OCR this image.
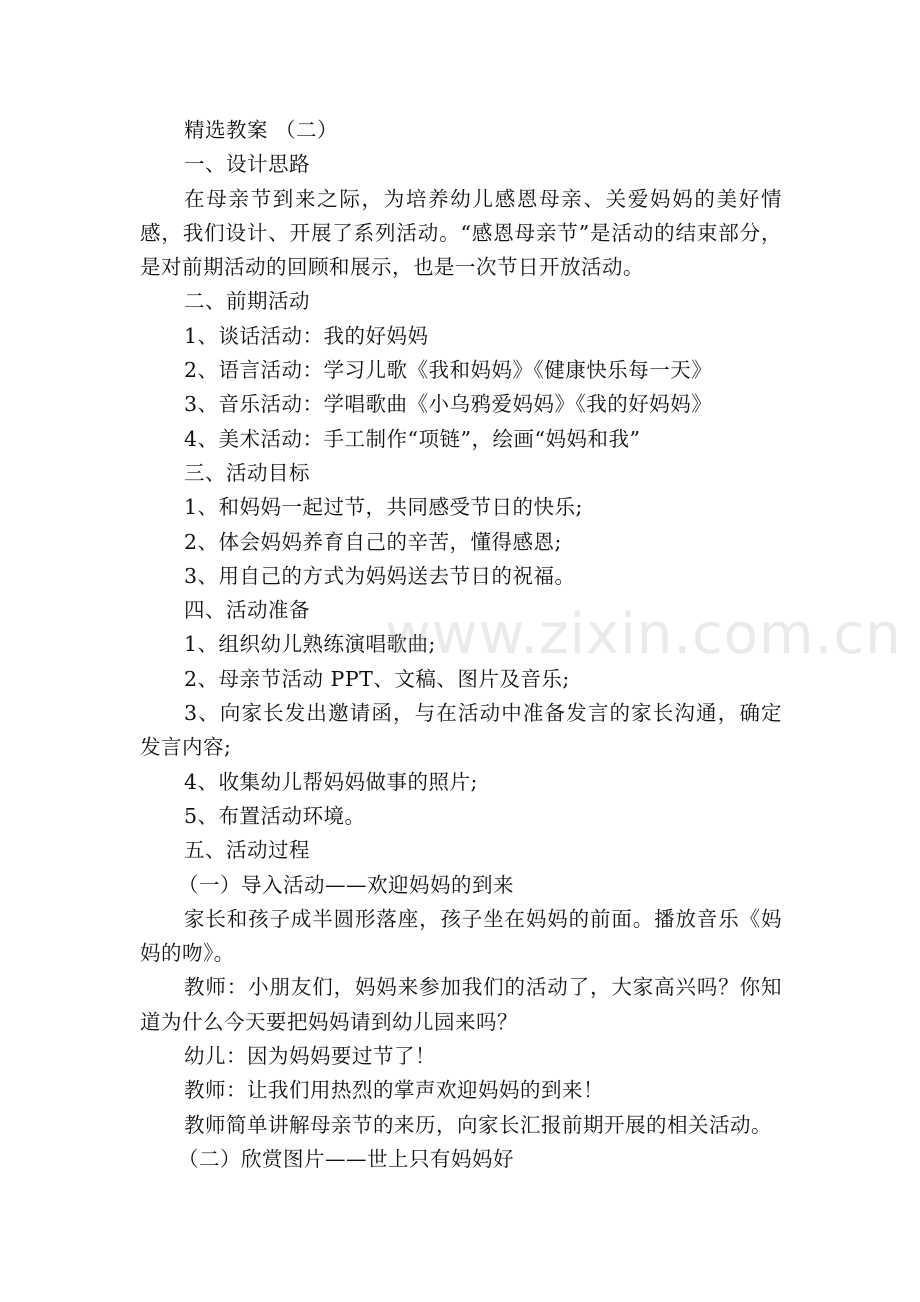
精选教案 （二）

一、设计思路

在母亲节到来之际，为培养幼儿感恩母亲、关爱妈妈的美好情感，我们设计、开展了系列活动。“感恩母亲节”是活动的结束部分，是对前期活动的回顾和展示，也是一次节日开放活动。

二、前期活动

1、谈话活动：我的好妈妈

2、语言活动：学习儿歌《我和妈妈》《健康快乐每一天》

3、音乐活动：学唱歌曲《小乌鸦爱妈妈》《我的好妈妈》

4、美术活动：手工制作“项链”，绘画“妈妈和我”

三、活动目标

1、和妈妈一起过节，共同感受节日的快乐;

2、体会妈妈养育自己的辛苦，懂得感恩;

3、用自己的方式为妈妈送去节日的祝福。

四、活动准备

1、组织幼儿熟练演唱歌曲;

2、母亲节活动 PPT、文稿、图片及音乐;

3、向家长发出邀请函，与在活动中准备发言的家长沟通，确定发言内容;

4、收集幼儿帮妈妈做事的照片;

5、布置活动环境。

五、活动过程

（一）导入活动——欢迎妈妈的到来

家长和孩子成半圆形落座，孩子坐在妈妈的前面。播放音乐《妈妈的吻》。

教师：小朋友们，妈妈来参加我们的活动了，大家高兴吗？你知道为什么今天要把妈妈请到幼儿园来吗？

幼儿：因为妈妈要过节了！

教师：让我们用热烈的掌声欢迎妈妈的到来！

教师简单讲解母亲节的来历，向家长汇报前期开展的相关活动。

（二）欣赏图片——世上只有妈妈好

www.zixin.com.cn
